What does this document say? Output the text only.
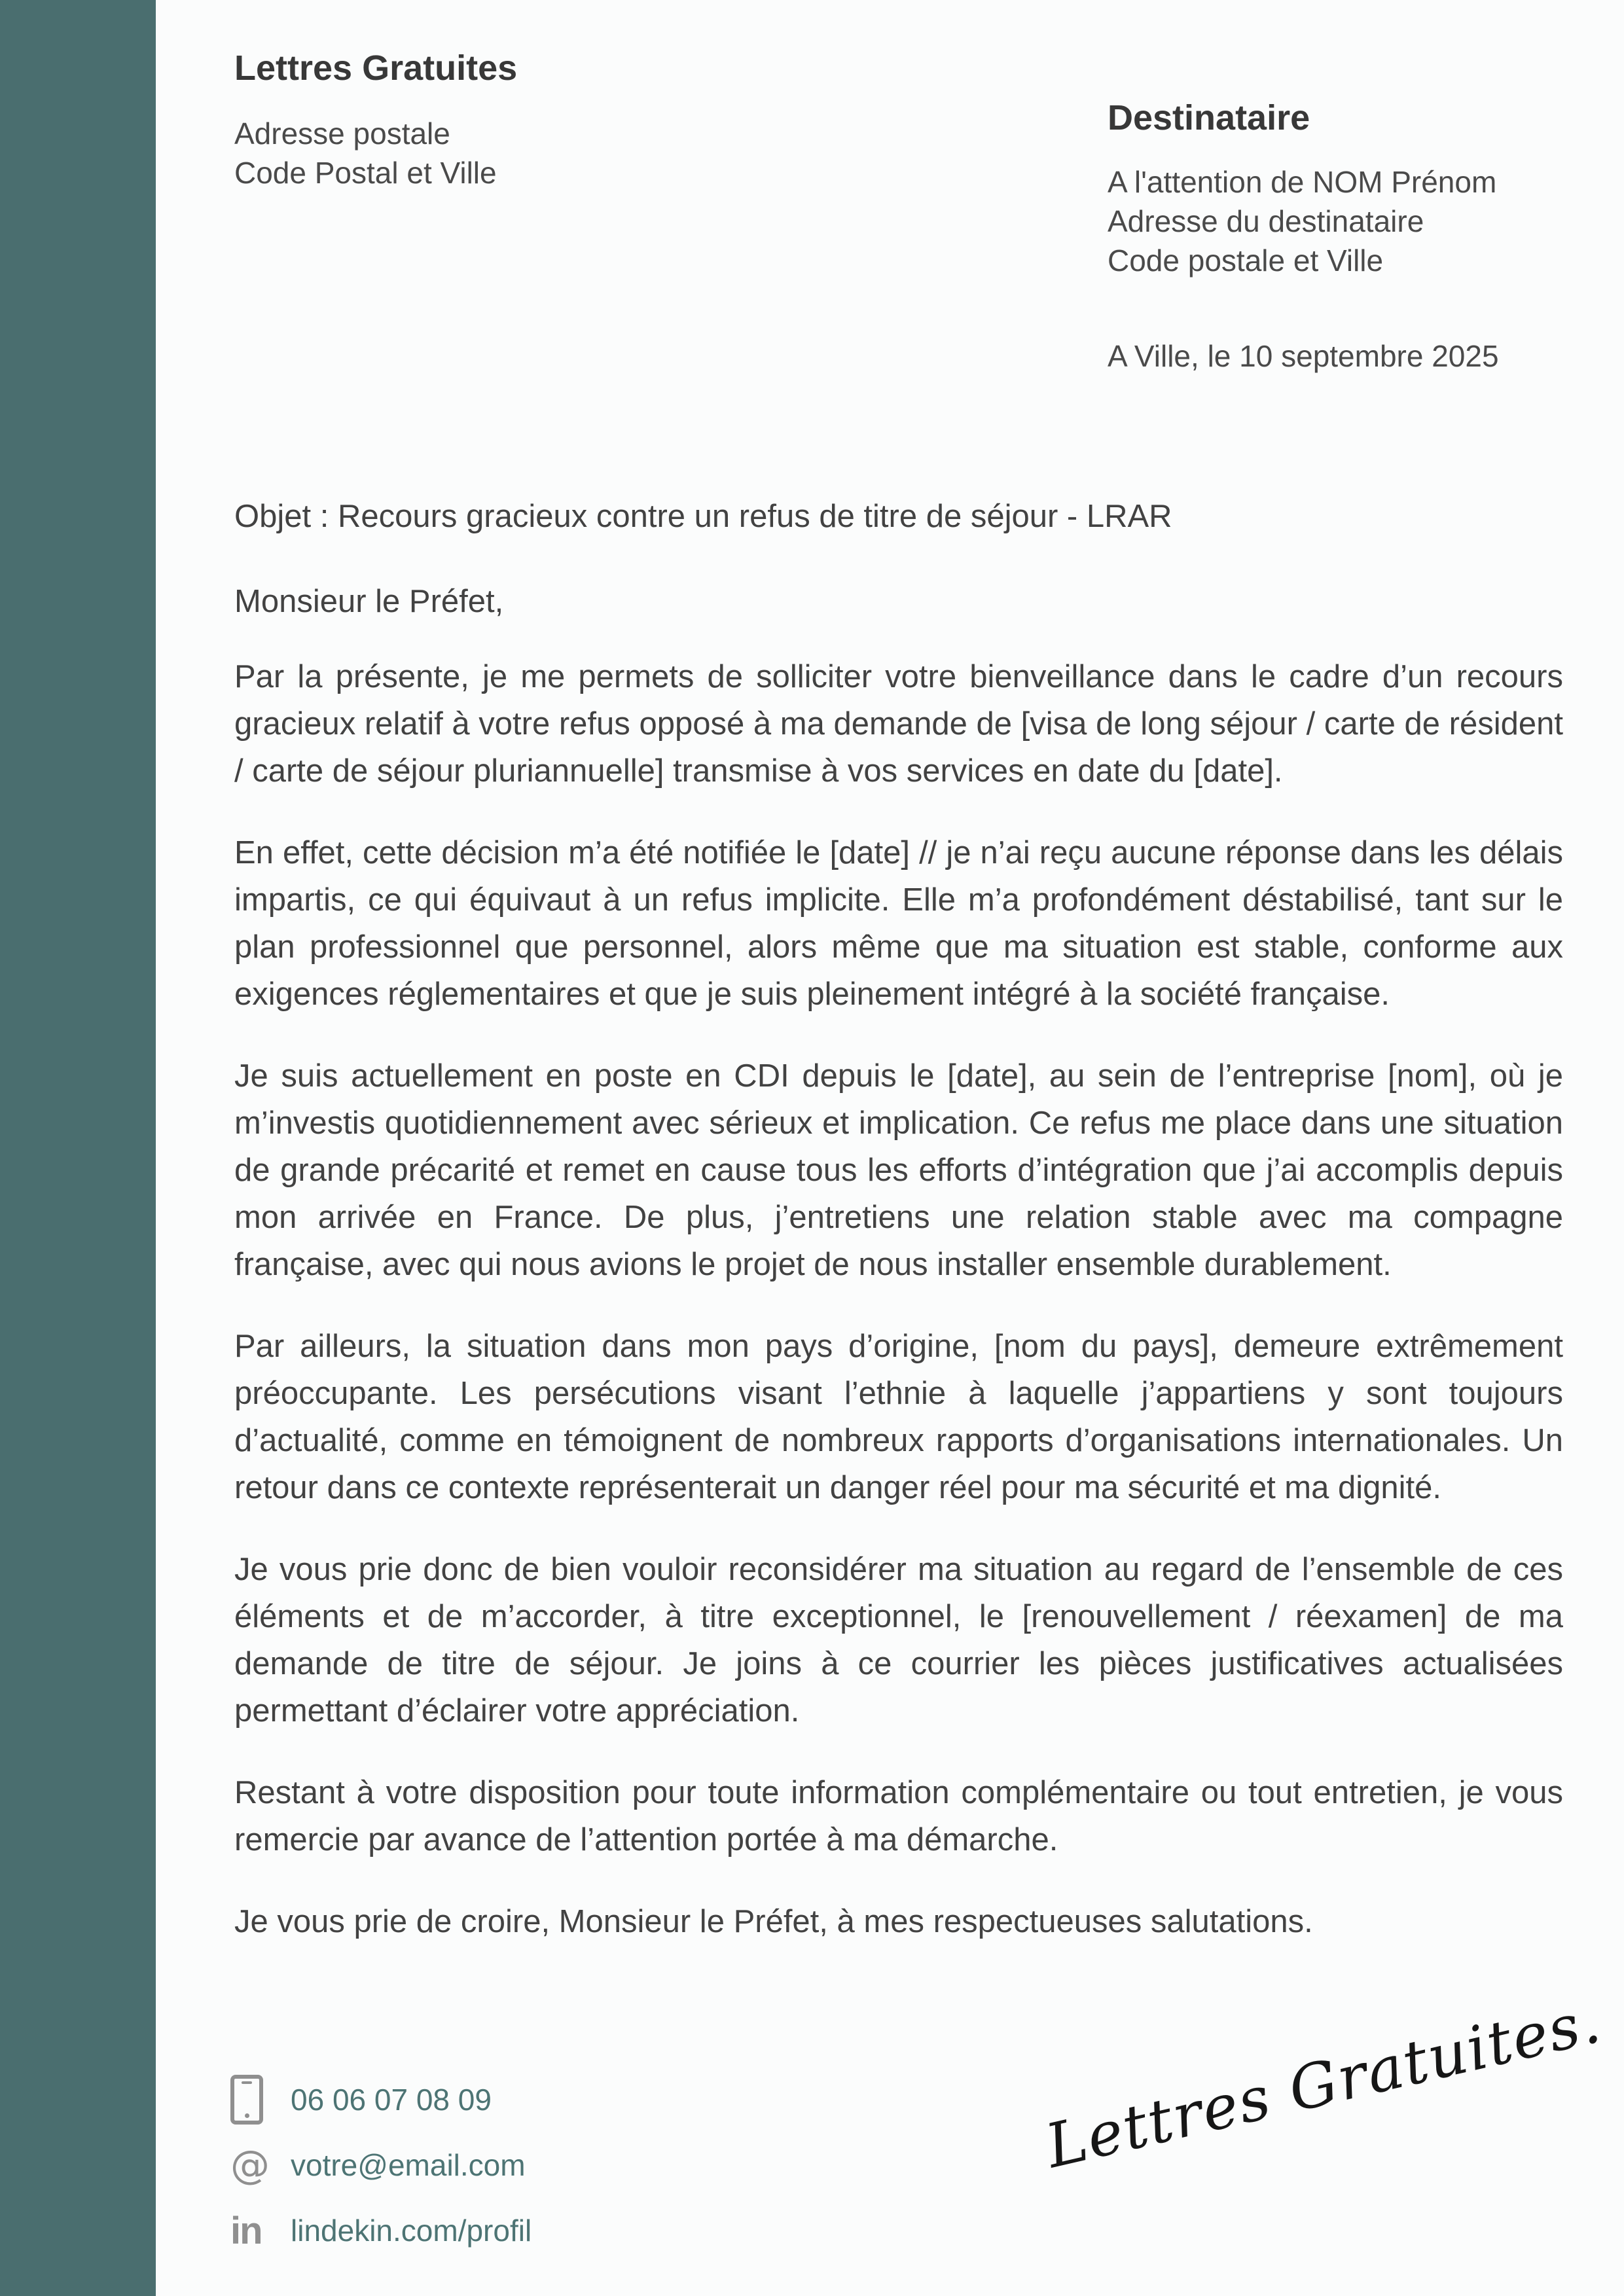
Lettres Gratuites
Adresse postale
Code Postal et Ville
Destinataire
A l'attention de NOM Prénom
Adresse du destinataire
Code postale et Ville
A Ville, le 10 septembre 2025

Objet : Recours gracieux contre un refus de titre de séjour - LRAR

Monsieur le Préfet,

Par la présente, je me permets de solliciter votre bienveillance dans le cadre d’un recours gracieux relatif à votre refus opposé à ma demande de [visa de long séjour / carte de résident / carte de séjour pluriannuelle] transmise à vos services en date du [date].

En effet, cette décision m’a été notifiée le [date] // je n’ai reçu aucune réponse dans les délais impartis, ce qui équivaut à un refus implicite. Elle m’a profondément déstabilisé, tant sur le plan professionnel que personnel, alors même que ma situation est stable, conforme aux exigences réglementaires et que je suis pleinement intégré à la société française.

Je suis actuellement en poste en CDI depuis le [date], au sein de l’entreprise [nom], où je m’investis quotidiennement avec sérieux et implication. Ce refus me place dans une situation de grande précarité et remet en cause tous les efforts d’intégration que j’ai accomplis depuis mon arrivée en France. De plus, j’entretiens une relation stable avec ma compagne française, avec qui nous avions le projet de nous installer ensemble durablement.

Par ailleurs, la situation dans mon pays d’origine, [nom du pays], demeure extrêmement préoccupante. Les persécutions visant l’ethnie à laquelle j’appartiens y sont toujours d’actualité, comme en témoignent de nombreux rapports d’organisations internationales. Un retour dans ce contexte représenterait un danger réel pour ma sécurité et ma dignité.

Je vous prie donc de bien vouloir reconsidérer ma situation au regard de l’ensemble de ces éléments et de m’accorder, à titre exceptionnel, le [renouvellement / réexamen] de ma demande de titre de séjour. Je joins à ce courrier les pièces justificatives actualisées permettant d’éclairer votre appréciation.

Restant à votre disposition pour toute information complémentaire ou tout entretien, je vous remercie par avance de l’attention portée à ma démarche.

Je vous prie de croire, Monsieur le Préfet, à mes respectueuses salutations.

06 06 07 08 09
@ votre@email.com
in lindekin.com/profil
Lettres Gratuites.
